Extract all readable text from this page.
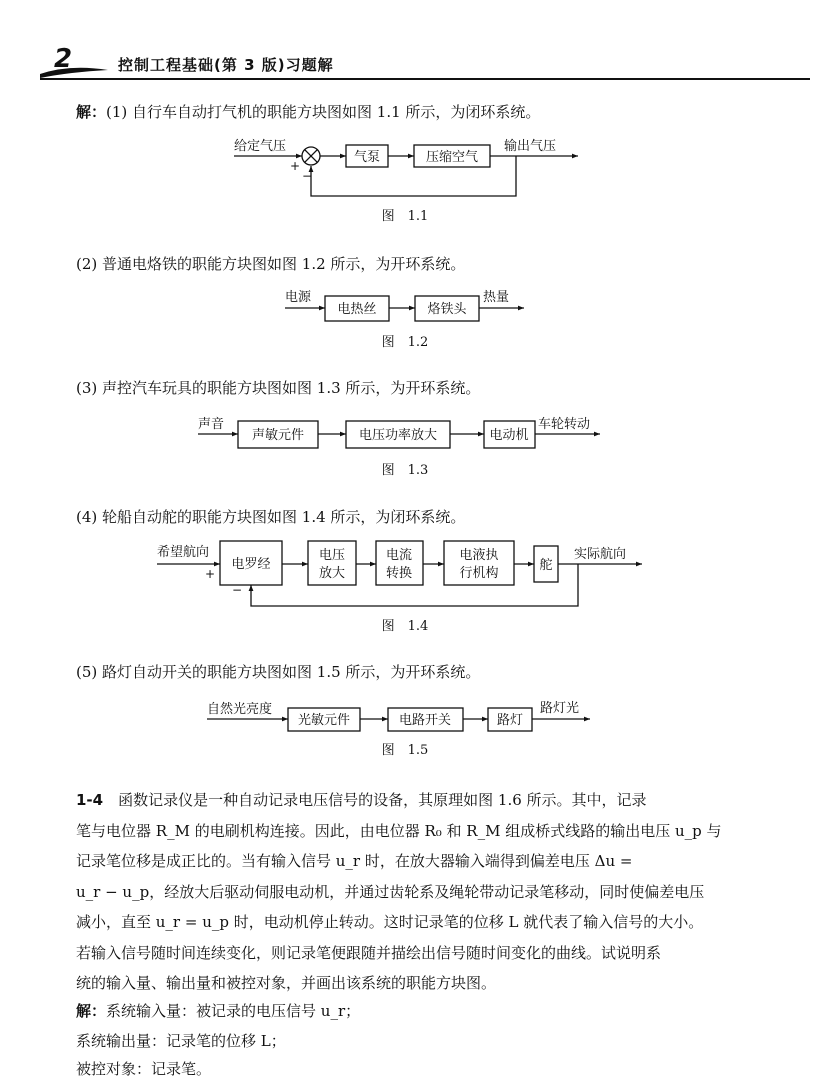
2	控制工程基础(第 3 版)习题解
解：(1) 自行车自动打气机的职能方块图如图 1.1 所示，为闭环系统。
给定气压
+
−
气泵	压缩空气
输出气压
图　1.1
电源
电热丝	烙铁头
热量
图　1.2
声音
声敏元件	电压功率放大	电动机
车轮转动
图　1.3
希望航向
+
−
电罗经
电压
放大
电流
转换
电液执
行机构
舵
实际航向
图　1.4
自然光亮度
光敏元件	电路开关	路灯
路灯光
图　1.5
(2) 普通电烙铁的职能方块图如图 1.2 所示，为开环系统。
(3) 声控汽车玩具的职能方块图如图 1.3 所示，为开环系统。
(4) 轮船自动舵的职能方块图如图 1.4 所示，为闭环系统。
(5) 路灯自动开关的职能方块图如图 1.5 所示，为开环系统。
1-4　 函数记录仪是一种自动记录电压信号的设备，其原理如图 1.6 所示。其中，记录
笔与电位器 R_M 的电刷机构连接。因此，由电位器 R₀ 和 R_M 组成桥式线路的输出电压 u_p 与
记录笔位移是成正比的。当有输入信号 u_r 时，在放大器输入端得到偏差电压 Δu =
u_r − u_p，经放大后驱动伺服电动机，并通过齿轮系及绳轮带动记录笔移动，同时使偏差电压
减小，直至 u_r = u_p 时，电动机停止转动。这时记录笔的位移 L 就代表了输入信号的大小。
若输入信号随时间连续变化，则记录笔便跟随并描绘出信号随时间变化的曲线。试说明系
统的输入量、输出量和被控对象，并画出该系统的职能方块图。
解：系统输入量：被记录的电压信号 u_r；
系统输出量：记录笔的位移 L；
被控对象：记录笔。
